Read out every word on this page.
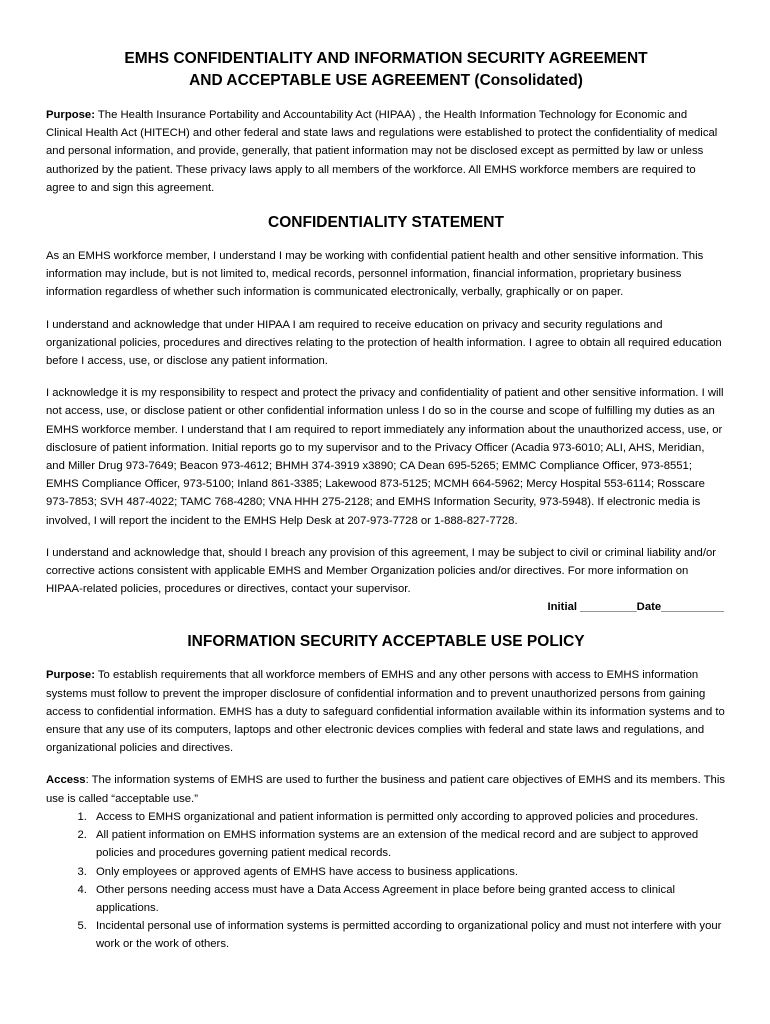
EMHS CONFIDENTIALITY AND INFORMATION SECURITY AGREEMENT
AND ACCEPTABLE USE AGREEMENT (Consolidated)

Purpose: The Health Insurance Portability and Accountability Act (HIPAA) , the Health Information Technology for Economic and Clinical Health Act (HITECH) and other federal and state laws and regulations were established to protect the confidentiality of medical and personal information, and provide, generally, that patient information may not be disclosed except as permitted by law or unless authorized by the patient. These privacy laws apply to all members of the workforce. All EMHS workforce members are required to agree to and sign this agreement.

CONFIDENTIALITY STATEMENT

As an EMHS workforce member, I understand I may be working with confidential patient health and other sensitive information. This information may include, but is not limited to, medical records, personnel information, financial information, proprietary business information regardless of whether such information is communicated electronically, verbally, graphically or on paper.

I understand and acknowledge that under HIPAA I am required to receive education on privacy and security regulations and organizational policies, procedures and directives relating to the protection of health information. I agree to obtain all required education before I access, use, or disclose any patient information.

I acknowledge it is my responsibility to respect and protect the privacy and confidentiality of patient and other sensitive information. I will not access, use, or disclose patient or other confidential information unless I do so in the course and scope of fulfilling my duties as an EMHS workforce member. I understand that I am required to report immediately any information about the unauthorized access, use, or disclosure of patient information. Initial reports go to my supervisor and to the Privacy Officer (Acadia 973-6010; ALI, AHS, Meridian, and Miller Drug 973-7649; Beacon 973-4612; BHMH 374-3919 x3890; CA Dean 695-5265; EMMC Compliance Officer, 973-8551; EMHS Compliance Officer, 973-5100; Inland 861-3385; Lakewood 873-5125; MCMH 664-5962; Mercy Hospital 553-6114; Rosscare 973-7853; SVH 487-4022; TAMC 768-4280; VNA HHH 275-2128; and EMHS Information Security, 973-5948). If electronic media is involved, I will report the incident to the EMHS Help Desk at 207-973-7728 or 1-888-827-7728.

I understand and acknowledge that, should I breach any provision of this agreement, I may be subject to civil or criminal liability and/or corrective actions consistent with applicable EMHS and Member Organization policies and/or directives. For more information on HIPAA-related policies, procedures or directives, contact your supervisor.

Initial _________Date__________
INFORMATION SECURITY ACCEPTABLE USE POLICY

Purpose: To establish requirements that all workforce members of EMHS and any other persons with access to EMHS information systems must follow to prevent the improper disclosure of confidential information and to prevent unauthorized persons from gaining access to confidential information. EMHS has a duty to safeguard confidential information available within its information systems and to ensure that any use of its computers, laptops and other electronic devices complies with federal and state laws and regulations, and organizational policies and directives.

Access: The information systems of EMHS are used to further the business and patient care objectives of EMHS and its members. This use is called “acceptable use.”

1. Access to EMHS organizational and patient information is permitted only according to approved policies and procedures.
2. All patient information on EMHS information systems are an extension of the medical record and are subject to approved policies and procedures governing patient medical records.
3. Only employees or approved agents of EMHS have access to business applications.
4. Other persons needing access must have a Data Access Agreement in place before being granted access to clinical applications.
5. Incidental personal use of information systems is permitted according to organizational policy and must not interfere with your work or the work of others.
